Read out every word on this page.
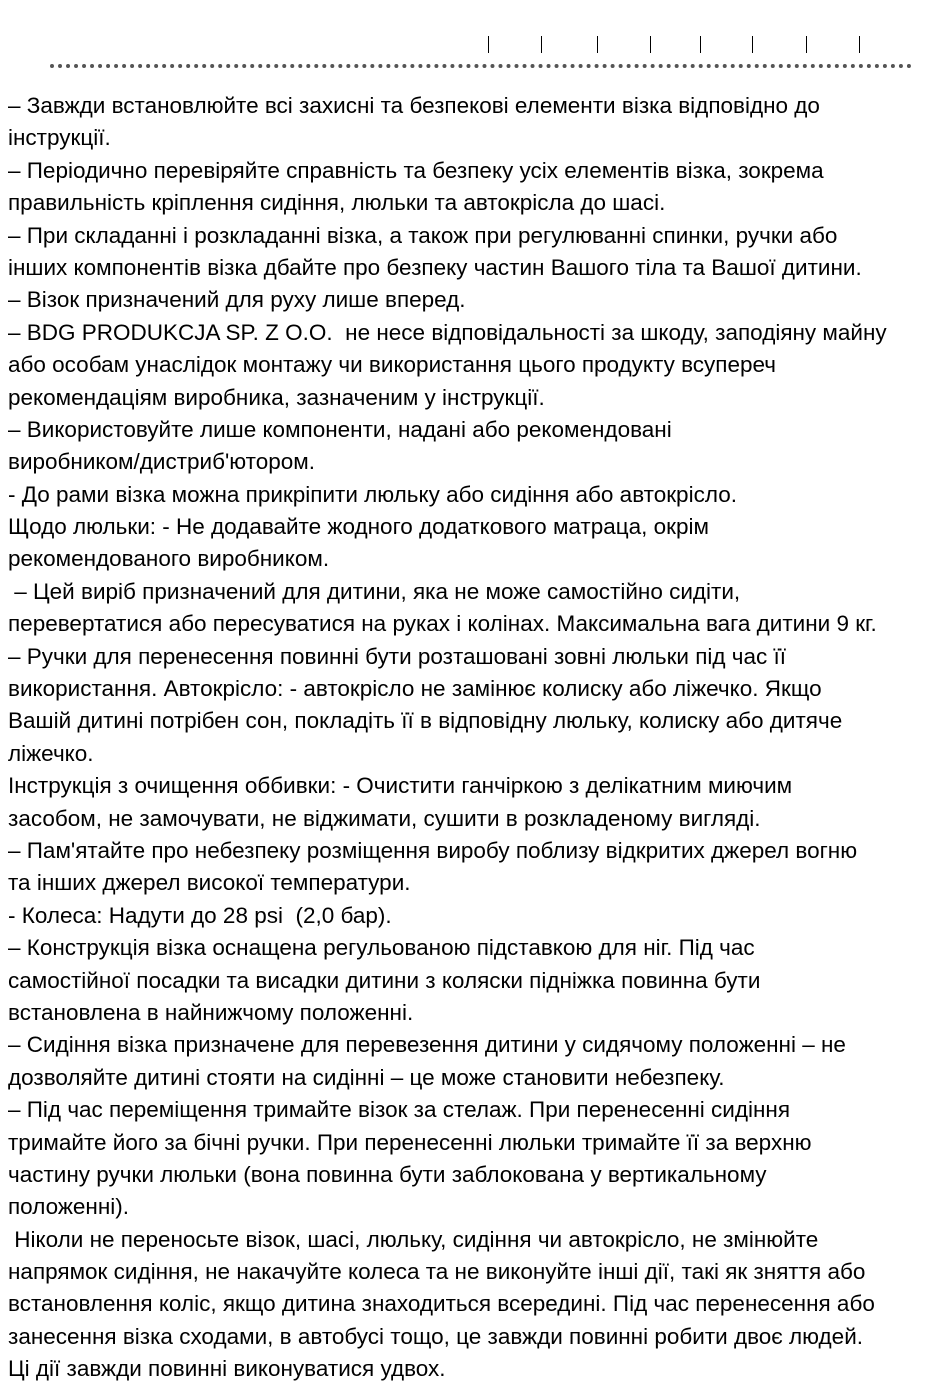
– Завжди встановлюйте всі захисні та безпекові елементи візка відповідно до
інструкції.
– Періодично перевіряйте справність та безпеку усіх елементів візка, зокрема
правильність кріплення сидіння, люльки та автокрісла до шасі.
– При складанні і розкладанні візка, а також при регулюванні спинки, ручки або
інших компонентів візка дбайте про безпеку частин Вашого тіла та Вашої дитини.
– Візок призначений для руху лише вперед.
– BDG PRODUKCJA SP. Z O.O.  не несе відповідальності за шкоду, заподіяну майну
або особам унаслідок монтажу чи використання цього продукту всупереч
рекомендаціям виробника, зазначеним у інструкції.
– Використовуйте лише компоненти, надані або рекомендовані
виробником/дистриб'ютором.
- До рами візка можна прикріпити люльку або сидіння або автокрісло.
Щодо люльки: - Не додавайте жодного додаткового матраца, окрім
рекомендованого виробником.
– Цей виріб призначений для дитини, яка не може самостійно сидіти,
перевертатися або пересуватися на руках і колінах. Максимальна вага дитини 9 кг.
– Ручки для перенесення повинні бути розташовані зовні люльки під час її
використання. Автокрісло: - автокрісло не замінює колиску або ліжечко. Якщо
Вашій дитині потрібен сон, покладіть її в відповідну люльку, колиску або дитяче
ліжечко.
Інструкція з очищення оббивки: - Очистити ганчіркою з делікатним миючим
засобом, не замочувати, не віджимати, сушити в розкладеному вигляді.
– Пам'ятайте про небезпеку розміщення виробу поблизу відкритих джерел вогню
та інших джерел високої температури.
- Колеса: Надути до 28 psi  (2,0 бар).
– Конструкція візка оснащена регульованою підставкою для ніг. Під час
самостійної посадки та висадки дитини з коляски підніжка повинна бути
встановлена в найнижчому положенні.
– Сидіння візка призначене для перевезення дитини у сидячому положенні – не
дозволяйте дитині стояти на сидінні – це може становити небезпеку.
– Під час переміщення тримайте візок за стелаж. При перенесенні сидіння
тримайте його за бічні ручки. При перенесенні люльки тримайте її за верхню
частину ручки люльки (вона повинна бути заблокована у вертикальному
положенні).
Ніколи не переносьте візок, шасі, люльку, сидіння чи автокрісло, не змінюйте
напрямок сидіння, не накачуйте колеса та не виконуйте інші дії, такі як зняття або
встановлення коліс, якщо дитина знаходиться всередині. Під час перенесення або
занесення візка сходами, в автобусі тощо, це завжди повинні робити двоє людей.
Ці дії завжди повинні виконуватися удвох.
